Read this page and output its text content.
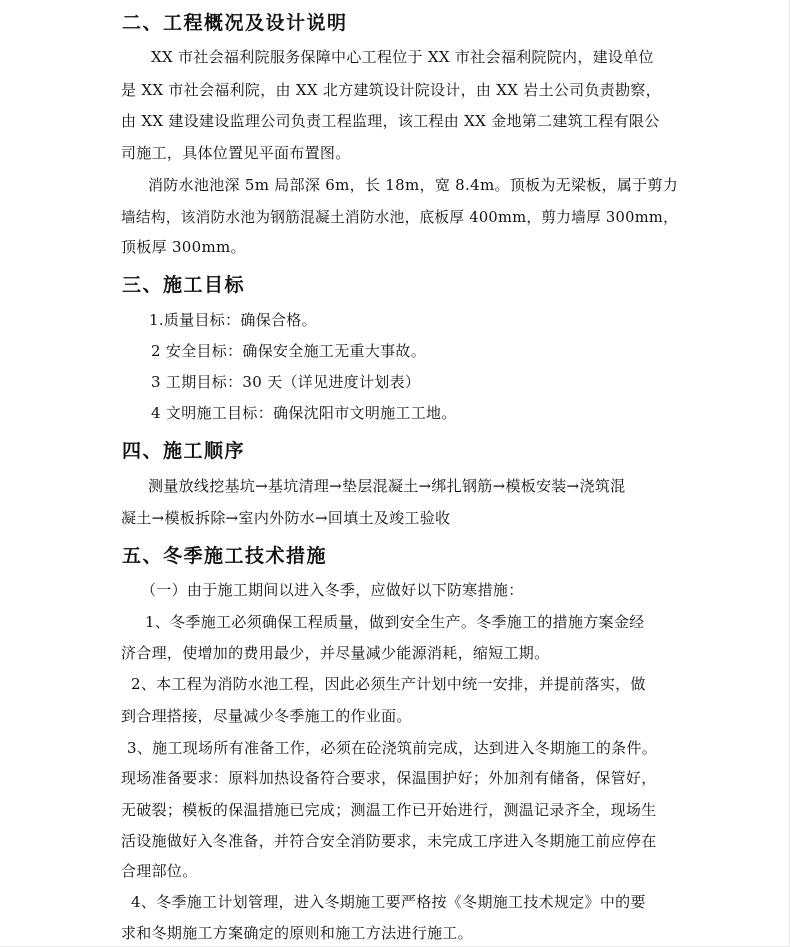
二、工程概况及设计说明
XX 市社会福利院服务保障中心工程位于 XX 市社会福利院院内，建设单位
是 XX 市社会福利院，由 XX 北方建筑设计院设计，由 XX 岩土公司负责勘察，
由 XX 建设建设监理公司负责工程监理，该工程由 XX 金地第二建筑工程有限公
司施工，具体位置见平面布置图。
消防水池池深 5m 局部深 6m，长 18m，宽 8.4m。顶板为无梁板，属于剪力
墙结构，该消防水池为钢筋混凝土消防水池，底板厚 400mm，剪力墙厚 300mm，
顶板厚 300mm。
三、施工目标
1.质量目标：确保合格。
2 安全目标：确保安全施工无重大事故。
3 工期目标：30 天（详见进度计划表）
4 文明施工目标：确保沈阳市文明施工工地。
四、施工顺序
测量放线挖基坑→基坑清理→垫层混凝土→绑扎钢筋→模板安装→浇筑混
凝土→模板拆除→室内外防水→回填土及竣工验收
五、冬季施工技术措施
（一）由于施工期间以进入冬季，应做好以下防寒措施：
1、冬季施工必须确保工程质量，做到安全生产。冬季施工的措施方案金经
济合理，使增加的费用最少，并尽量减少能源消耗，缩短工期。
2、本工程为消防水池工程，因此必须生产计划中统一安排，并提前落实，做
到合理搭接，尽量减少冬季施工的作业面。
3、施工现场所有准备工作，必须在砼浇筑前完成，达到进入冬期施工的条件。
现场准备要求：原料加热设备符合要求，保温围护好；外加剂有储备，保管好，
无破裂；模板的保温措施已完成；测温工作已开始进行，测温记录齐全，现场生
活设施做好入冬准备，并符合安全消防要求，未完成工序进入冬期施工前应停在
合理部位。
4、冬季施工计划管理，进入冬期施工要严格按《冬期施工技术规定》中的要
求和冬期施工方案确定的原则和施工方法进行施工。
